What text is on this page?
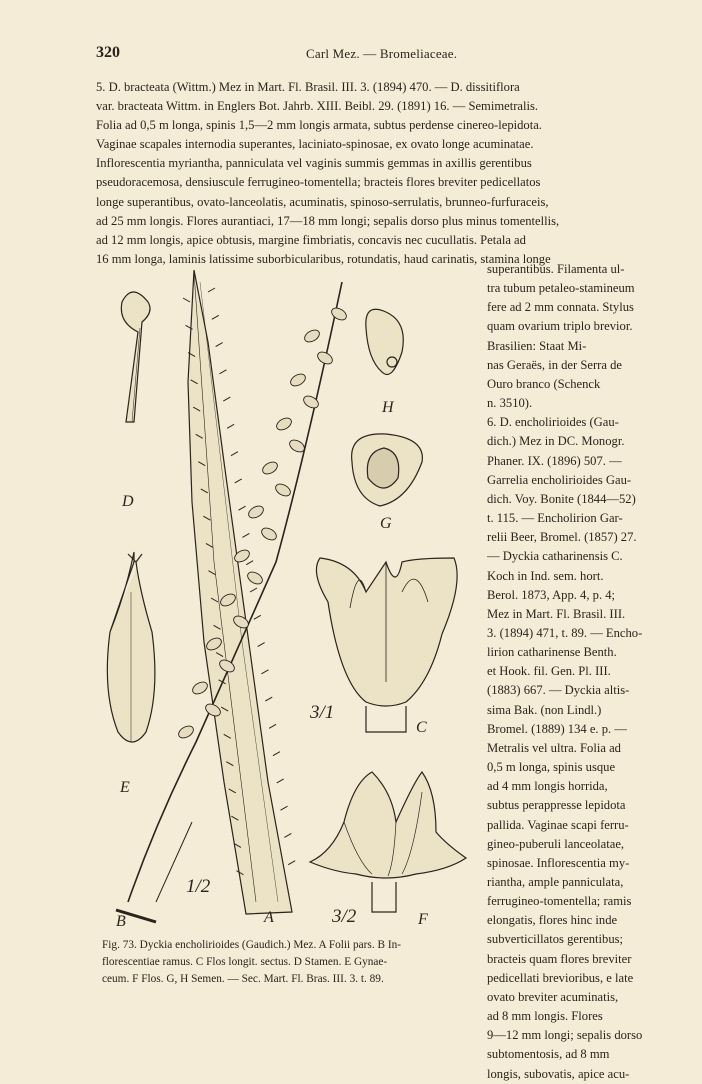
320	Carl Mez. — Bromeliaceae.
5. D. bracteata (Wittm.) Mez in Mart. Fl. Brasil. III. 3. (1894) 470. — D. dissitiflora
var. bracteata Wittm. in Englers Bot. Jahrb. XIII. Beibl. 29. (1891) 16. — Semimetralis.
Folia ad 0,5 m longa, spinis 1,5—2 mm longis armata, subtus perdense cinereo-lepidota.
Vaginae scapales internodia superantes, laciniato-spinosae, ex ovato longe acuminatae.
Inflorescentia myriantha, panniculata vel vaginis summis gemmas in axillis gerentibus
pseudoracemosa, densiuscule ferrugineo-tomentella; bracteis flores breviter pedicellatos
longe superantibus, ovato-lanceolatis, acuminatis, spinoso-serrulatis, brunneo-furfuraceis,
ad 25 mm longis. Flores aurantiaci, 17—18 mm longi; sepalis dorso plus minus tomentellis,
ad 12 mm longis, apice obtusis, margine fimbriatis, concavis nec cucullatis. Petala ad
16 mm longa, laminis latissime suborbicularibus, rotundatis, haud carinatis, stamina longe
superantibus. Filamenta ul-
tra tubum petaleo-stamineum
fere ad 2 mm connata. Stylus
quam ovarium triplo brevior.
Brasilien: Staat Mi-
nas Geraës, in der Serra de
Ouro branco (Schenck
n. 3510).
6. D. encholirioides (Gau-
dich.) Mez in DC. Monogr.
Phaner. IX. (1896) 507. —
Garrelia encholirioides Gau-
dich. Voy. Bonite (1844—52)
t. 115. — Encholirion Gar-
relii Beer, Bromel. (1857) 27.
— Dyckia catharinensis C.
Koch in Ind. sem. hort.
Berol. 1873, App. 4, p. 4;
Mez in Mart. Fl. Brasil. III.
3. (1894) 471, t. 89. — Encho-
lirion catharinense Benth.
et Hook. fil. Gen. Pl. III.
(1883) 667. — Dyckia altis-
sima Bak. (non Lindl.)
Bromel. (1889) 134 e. p. —
Metralis vel ultra. Folia ad
0,5 m longa, spinis usque
ad 4 mm longis horrida,
subtus perappresse lepidota
pallida. Vaginae scapi ferru-
gineo-puberuli lanceolatae,
spinosae. Inflorescentia my-
riantha, ample panniculata,
ferrugineo-tomentella; ramis
elongatis, flores hinc inde
subverticillatos gerentibus;
bracteis quam flores breviter
pedicellati brevioribus, e late
ovato breviter acuminatis,
ad 8 mm longis. Flores
9—12 mm longi; sepalis dorso
subtomentosis, ad 8 mm
longis, subovatis, apice acu-
D
E
B	A
H
G
C
F
1/2
3/1
3/2
Fig. 73. Dyckia encholirioides (Gaudich.) Mez. A Folii pars. B In-
florescentiae ramus. C Flos longit. sectus. D Stamen. E Gynae-
ceum. F Flos. G, H Semen. — Sec. Mart. Fl. Bras. III. 3. t. 89.
